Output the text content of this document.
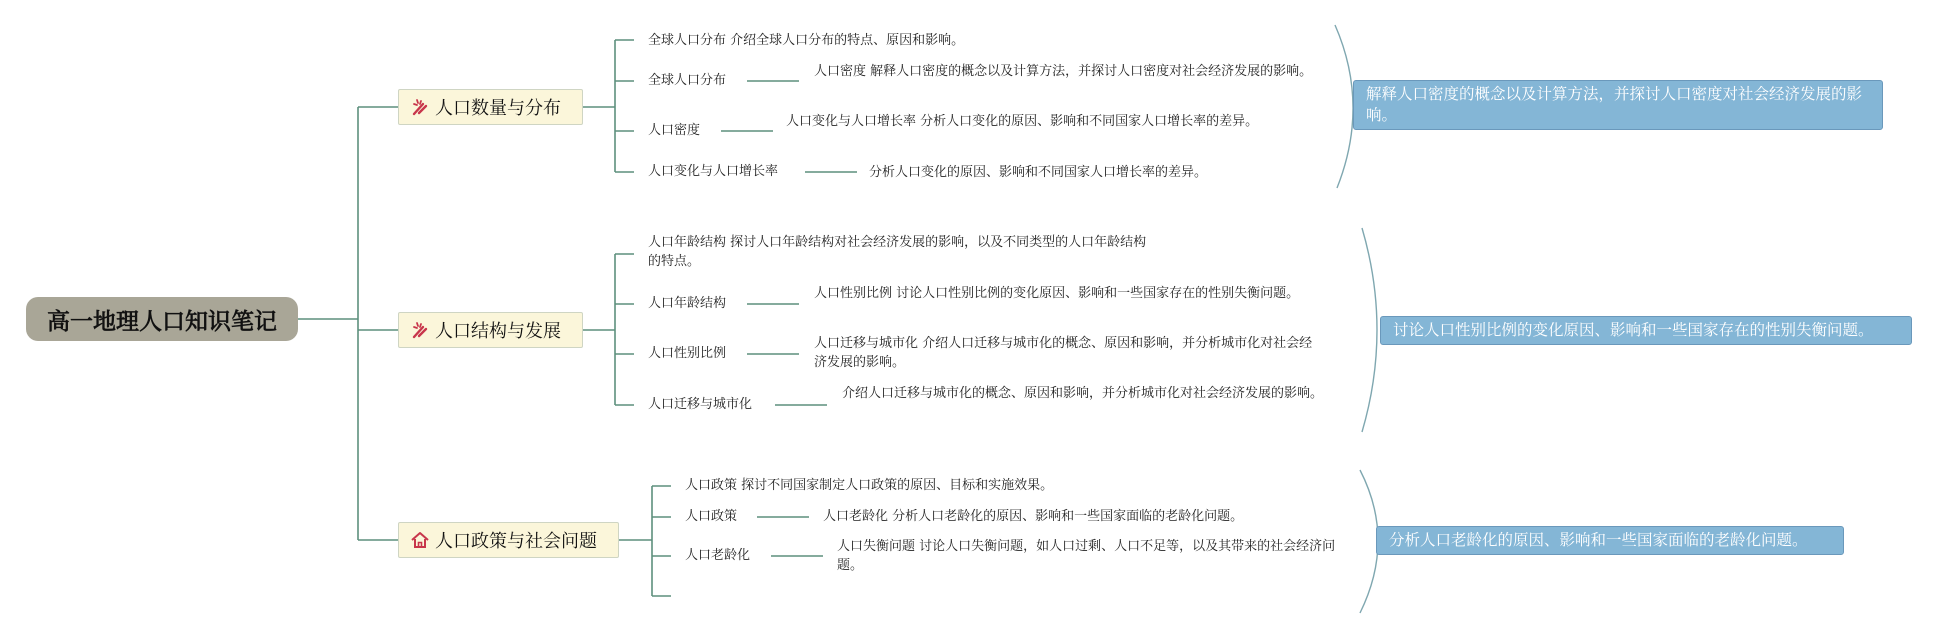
高一地理人口知识笔记
人口数量与分布
全球人口分布 介绍全球人口分布的特点、原因和影响。
全球人口分布
人口密度 解释人口密度的概念以及计算方法，并探讨人口密度对社会经济发展的影响。
人口密度
人口变化与人口增长率 分析人口变化的原因、影响和不同国家人口增长率的差异。
人口变化与人口增长率	分析人口变化的原因、影响和不同国家人口增长率的差异。
解释人口密度的概念以及计算方法，并探讨人口密度对社会经济发展的影响。
人口结构与发展
人口年龄结构 探讨人口年龄结构对社会经济发展的影响，以及不同类型的人口年龄结构的特点。
人口年龄结构
人口性别比例 讨论人口性别比例的变化原因、影响和一些国家存在的性别失衡问题。
人口性别比例
人口迁移与城市化 介绍人口迁移与城市化的概念、原因和影响，并分析城市化对社会经济发展的影响。
人口迁移与城市化
介绍人口迁移与城市化的概念、原因和影响，并分析城市化对社会经济发展的影响。
讨论人口性别比例的变化原因、影响和一些国家存在的性别失衡问题。
人口政策与社会问题
人口政策 探讨不同国家制定人口政策的原因、目标和实施效果。
人口政策	人口老龄化 分析人口老龄化的原因、影响和一些国家面临的老龄化问题。
人口老龄化
人口失衡问题 讨论人口失衡问题，如人口过剩、人口不足等，以及其带来的社会经济问题。
分析人口老龄化的原因、影响和一些国家面临的老龄化问题。
